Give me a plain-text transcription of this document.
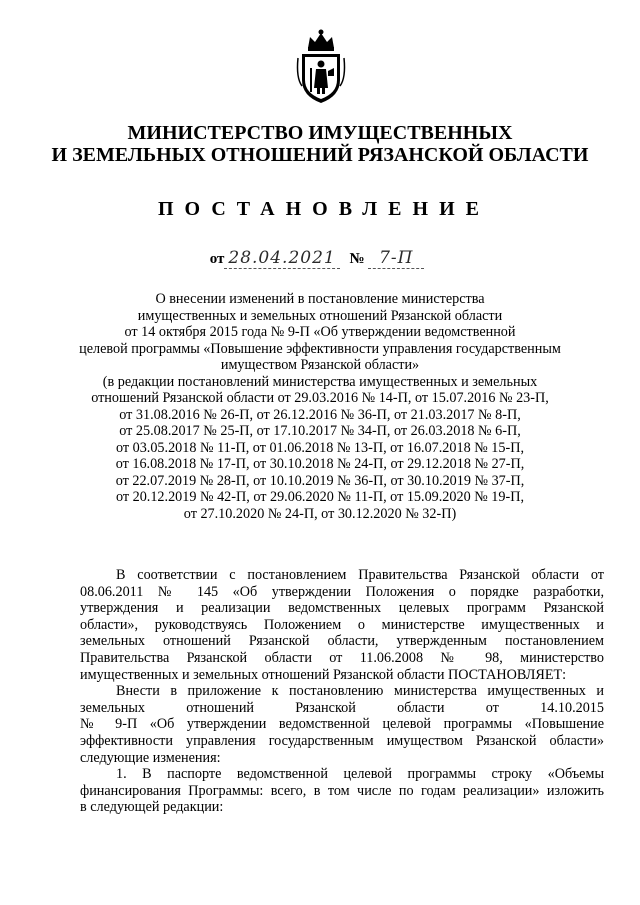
МИНИСТЕРСТВО ИМУЩЕСТВЕННЫХ
И ЗЕМЕЛЬНЫХ ОТНОШЕНИЙ РЯЗАНСКОЙ ОБЛАСТИ
ПОСТАНОВЛЕНИЕ
от 28.04.2021 № 7-П
О внесении изменений в постановление министерства
имущественных и земельных отношений Рязанской области
от 14 октября 2015 года № 9-П «Об утверждении ведомственной
целевой программы «Повышение эффективности управления государственным
имуществом Рязанской области»
(в редакции постановлений министерства имущественных и земельных
отношений Рязанской области от 29.03.2016 № 14-П, от 15.07.2016 № 23-П,
от 31.08.2016 № 26-П, от 26.12.2016 № 36-П, от 21.03.2017 № 8-П,
от 25.08.2017 № 25-П, от 17.10.2017 № 34-П, от 26.03.2018 № 6-П,
от 03.05.2018 № 11-П, от 01.06.2018 № 13-П, от 16.07.2018 № 15-П,
от 16.08.2018 № 17-П, от 30.10.2018 № 24-П, от 29.12.2018 № 27-П,
от 22.07.2019 № 28-П, от 10.10.2019 № 36-П, от 30.10.2019 № 37-П,
от 20.12.2019 № 42-П, от 29.06.2020 № 11-П, от 15.09.2020 № 19-П,
от 27.10.2020 № 24-П, от 30.12.2020 № 32-П)
В соответствии с постановлением Правительства Рязанской области от
08.06.2011 № 145 «Об утверждении Положения о порядке разработки,
утверждения и реализации ведомственных целевых программ Рязанской
области», руководствуясь Положением о министерстве имущественных и
земельных отношений Рязанской области, утвержденным постановлением
Правительства Рязанской области от 11.06.2008 № 98, министерство
имущественных и земельных отношений Рязанской области ПОСТАНОВЛЯЕТ:
Внести в приложение к постановлению министерства имущественных и
земельных отношений Рязанской области от 14.10.2015
№ 9-П «Об утверждении ведомственной целевой программы «Повышение
эффективности управления государственным имуществом Рязанской области»
следующие изменения:
1. В паспорте ведомственной целевой программы строку «Объемы
финансирования Программы: всего, в том числе по годам реализации» изложить
в следующей редакции:
